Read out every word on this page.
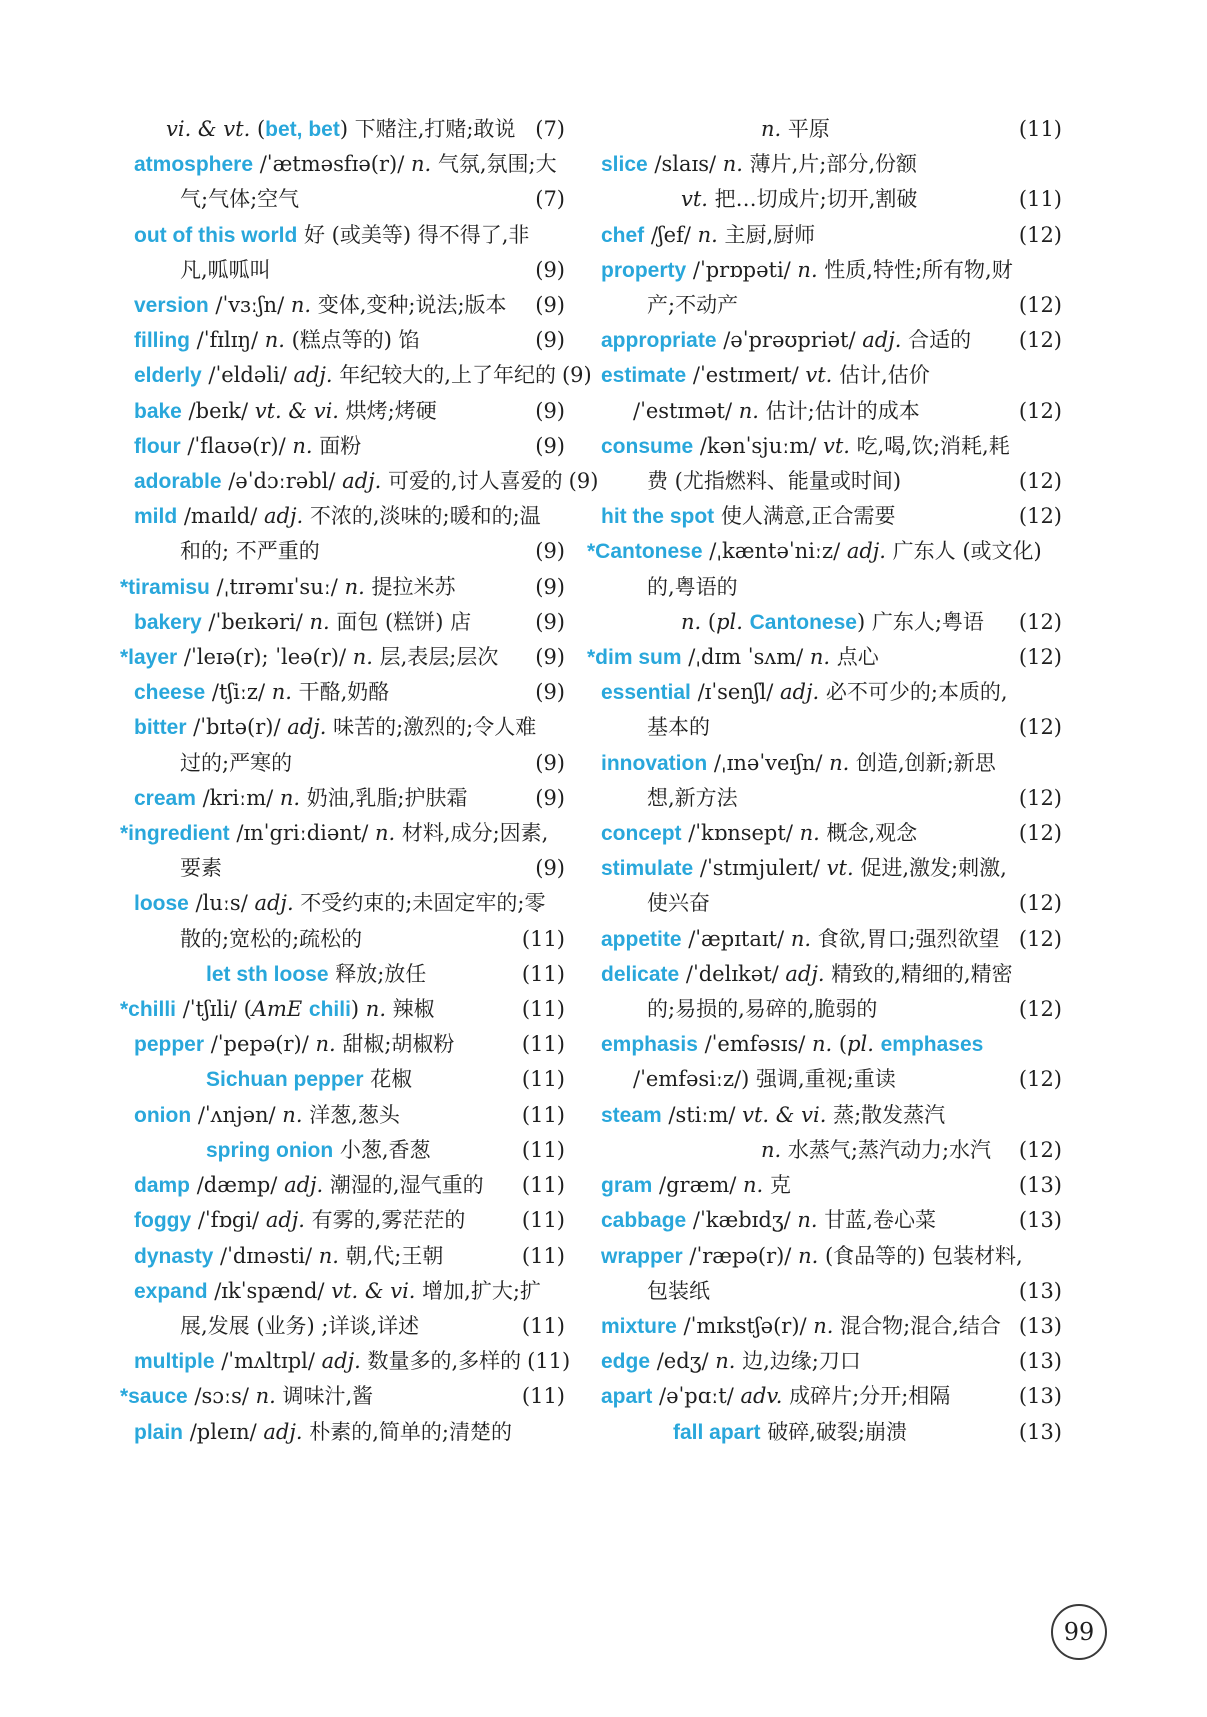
vi. & vt. (bet, bet) 下赌注,打赌;敢说 (7)
atmosphere /ˈætməsfɪə(r)/ n. 气氛,氛围;大
气;气体;空气	(7)
out of this world 好 (或美等) 得不得了,非
凡,呱呱叫	(9)
version /ˈvɜːʃn/ n. 变体,变种;说法;版本 (9)
filling /ˈfɪlɪŋ/ n. (糕点等的) 馅	(9)
elderly /ˈeldəli/ adj. 年纪较大的,上了年纪的 (9)
bake /beɪk/ vt. & vi. 烘烤;烤硬	(9)
flour /ˈflaʊə(r)/ n. 面粉	(9)
adorable /əˈdɔːrəbl/ adj. 可爱的,讨人喜爱的 (9)
mild /maɪld/ adj. 不浓的,淡味的;暖和的;温
和的; 不严重的	(9)
*tiramisu /ˌtɪrəmɪˈsuː/ n. 提拉米苏	(9)
bakery /ˈbeɪkəri/ n. 面包 (糕饼) 店	(9)
*layer /ˈleɪə(r); ˈleə(r)/ n. 层,表层;层次 (9)
cheese /tʃiːz/ n. 干酪,奶酪	(9)
bitter /ˈbɪtə(r)/ adj. 味苦的;激烈的;令人难
过的;严寒的	(9)
cream /kriːm/ n. 奶油,乳脂;护肤霜	(9)
*ingredient /ɪnˈgriːdiənt/ n. 材料,成分;因素,
要素	(9)
loose /luːs/ adj. 不受约束的;未固定牢的;零
散的;宽松的;疏松的	(11)
let sth loose 释放;放任	(11)
*chilli /ˈtʃɪli/ (AmE chili) n. 辣椒	(11)
pepper /ˈpepə(r)/ n. 甜椒;胡椒粉	(11)
Sichuan pepper 花椒	(11)
onion /ˈʌnjən/ n. 洋葱,葱头	(11)
spring onion 小葱,香葱	(11)
damp /dæmp/ adj. 潮湿的,湿气重的 (11)
foggy /ˈfɒgi/ adj. 有雾的,雾茫茫的	(11)
dynasty /ˈdɪnəsti/ n. 朝,代;王朝	(11)
expand /ɪkˈspænd/ vt. & vi. 增加,扩大;扩
展,发展 (业务) ;详谈,详述	(11)
multiple /ˈmʌltɪpl/ adj. 数量多的,多样的 (11)
*sauce /sɔːs/ n. 调味汁,酱	(11)
plain /pleɪn/ adj. 朴素的,简单的;清楚的
n. 平原	(11)
slice /slaɪs/ n. 薄片,片;部分,份额
vt. 把…切成片;切开,割破	(11)
chef /ʃef/ n. 主厨,厨师	(12)
property /ˈprɒpəti/ n. 性质,特性;所有物,财
产;不动产	(12)
appropriate /əˈprəʊpriət/ adj. 合适的 (12)
estimate /ˈestɪmeɪt/ vt. 估计,估价
/ˈestɪmət/ n. 估计;估计的成本	(12)
consume /kənˈsjuːm/ vt. 吃,喝,饮;消耗,耗
费 (尤指燃料、能量或时间)	(12)
hit the spot 使人满意,正合需要	(12)
*Cantonese /ˌkæntəˈniːz/ adj. 广东人 (或文化)
的,粤语的
n. (pl. Cantonese) 广东人;粤语 (12)
*dim sum /ˌdɪm ˈsʌm/ n. 点心	(12)
essential /ɪˈsenʃl/ adj. 必不可少的;本质的,
基本的	(12)
innovation /ˌɪnəˈveɪʃn/ n. 创造,创新;新思
想,新方法	(12)
concept /ˈkɒnsept/ n. 概念,观念	(12)
stimulate /ˈstɪmjuleɪt/ vt. 促进,激发;刺激,
使兴奋	(12)
appetite /ˈæpɪtaɪt/ n. 食欲,胃口;强烈欲望 (12)
delicate /ˈdelɪkət/ adj. 精致的,精细的,精密
的;易损的,易碎的,脆弱的	(12)
emphasis /ˈemfəsɪs/ n. (pl. emphases
/ˈemfəsiːz/) 强调,重视;重读	(12)
steam /stiːm/ vt. & vi. 蒸;散发蒸汽
n. 水蒸气;蒸汽动力;水汽 (12)
gram /græm/ n. 克	(13)
cabbage /ˈkæbɪdʒ/ n. 甘蓝,卷心菜	(13)
wrapper /ˈræpə(r)/ n. (食品等的) 包装材料,
包装纸	(13)
mixture /ˈmɪkstʃə(r)/ n. 混合物;混合,结合 (13)
edge /edʒ/ n. 边,边缘;刀口	(13)
apart /əˈpɑːt/ adv. 成碎片;分开;相隔	(13)
fall apart 破碎,破裂;崩溃	(13)
99
